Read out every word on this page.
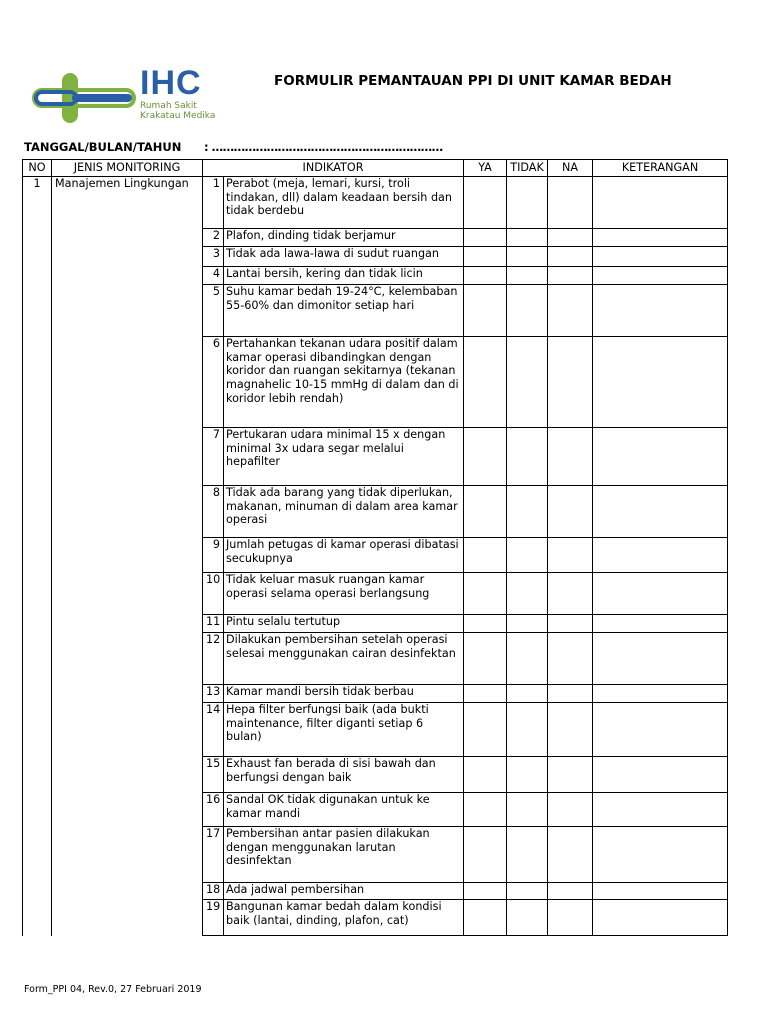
IHC
Rumah Sakit
Krakatau Medika
FORMULIR PEMANTAUAN PPI DI UNIT KAMAR BEDAH
TANGGAL/BULAN/TAHUN : ………………………………………………………
NO	JENIS MONITORING	INDIKATOR		YA	TIDAK	NA	KETERANGAN
1	Manajemen Lingkungan	1	Perabot (meja, lemari, kursi, troli tindakan, dll) dalam keadaan bersih dan tidak berdebu				
		2	Plafon, dinding tidak berjamur				
		3	Tidak ada lawa-lawa di sudut ruangan				
		4	Lantai bersih, kering dan tidak licin				
		5	Suhu kamar bedah 19-24°C, kelembaban 55-60% dan dimonitor setiap hari				
		6	Pertahankan tekanan udara positif dalam kamar operasi dibandingkan dengan koridor dan ruangan sekitarnya (tekanan magnahelic 10-15 mmHg di dalam dan di koridor lebih rendah)				
		7	Pertukaran udara minimal 15 x dengan minimal 3x udara segar melalui hepafilter				
		8	Tidak ada barang yang tidak diperlukan, makanan, minuman di dalam area kamar operasi				
		9	Jumlah petugas di kamar operasi dibatasi secukupnya				
		10	Tidak keluar masuk ruangan kamar operasi selama operasi berlangsung				
		11	Pintu selalu tertutup				
		12	Dilakukan pembersihan setelah operasi selesai menggunakan cairan desinfektan				
		13	Kamar mandi bersih tidak berbau				
		14	Hepa filter berfungsi baik (ada bukti maintenance, filter diganti setiap 6 bulan)				
		15	Exhaust fan berada di sisi bawah dan berfungsi dengan baik				
		16	Sandal OK tidak digunakan untuk ke kamar mandi				
		17	Pembersihan antar pasien dilakukan dengan menggunakan larutan desinfektan				
		18	Ada jadwal pembersihan				
		19	Bangunan kamar bedah dalam kondisi baik (lantai, dinding, plafon, cat)				
Form_PPI 04, Rev.0, 27 Februari 2019
